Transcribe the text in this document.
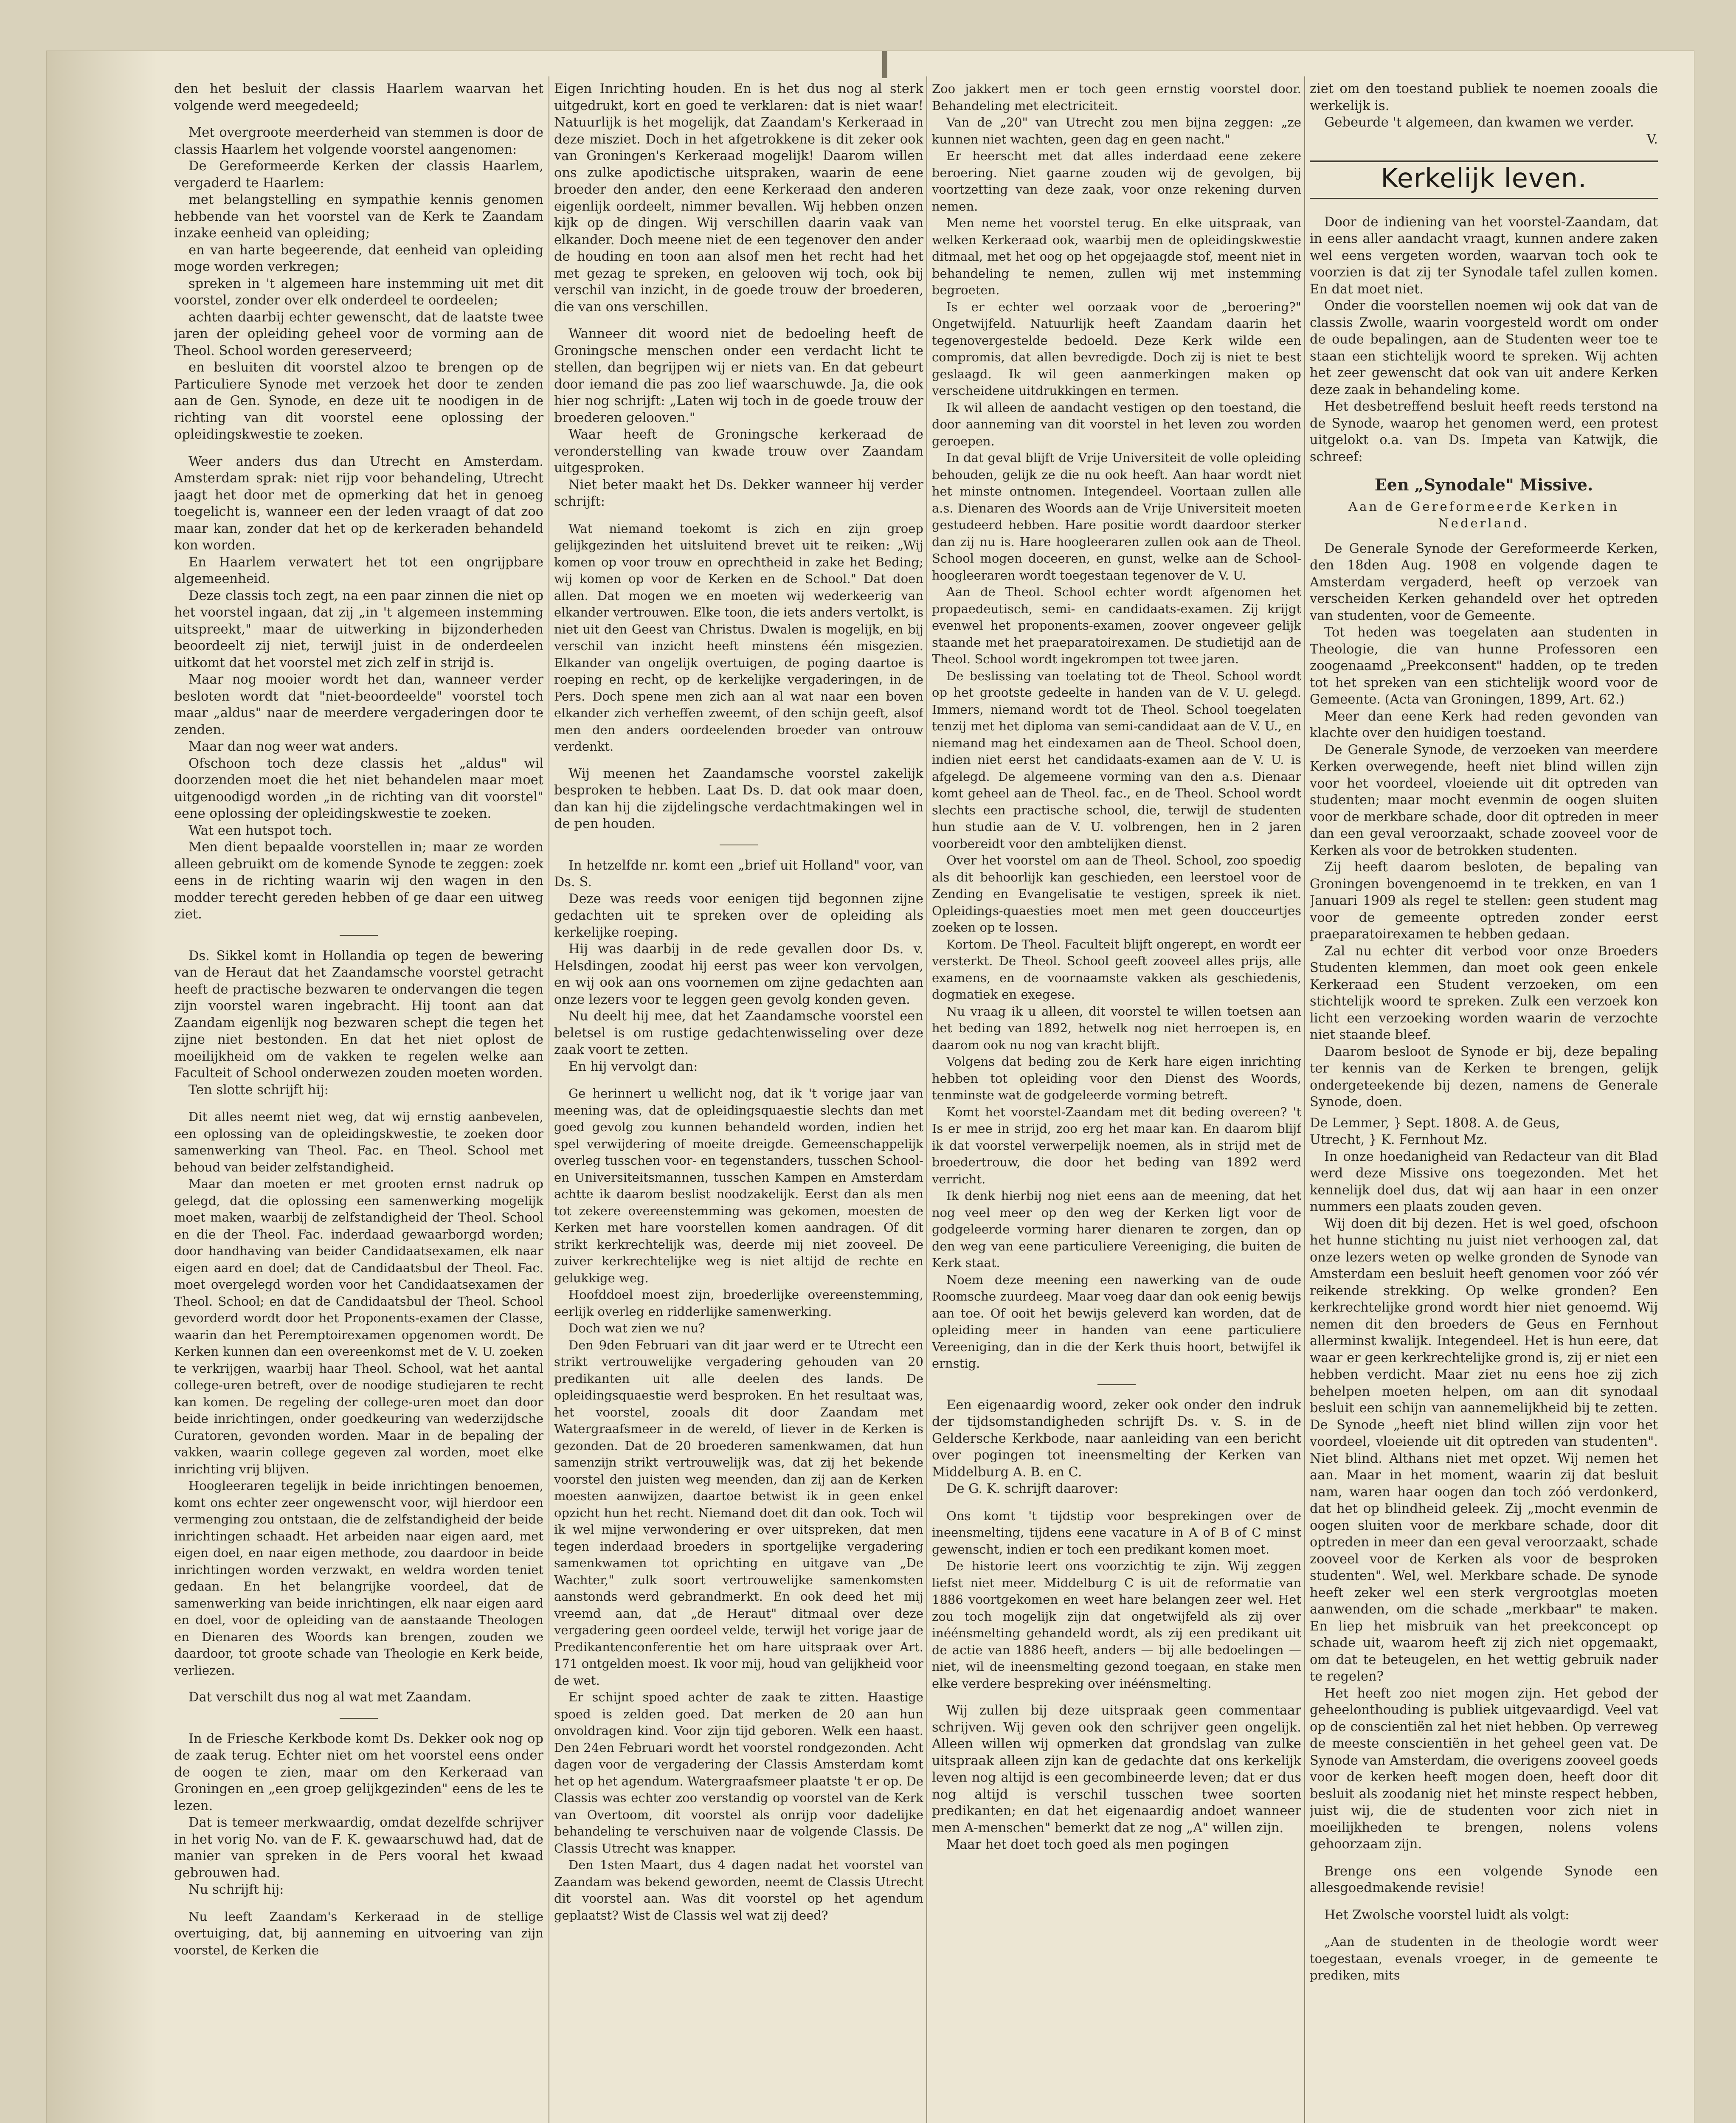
den het besluit der classis Haarlem waarvan het volgende werd meegedeeld;

Met overgroote meerderheid van stemmen is door de classis Haarlem het volgende voorstel aangenomen:

De Gereformeerde Kerken der classis Haarlem, vergaderd te Haarlem:

met belangstelling en sympathie kennis genomen hebbende van het voorstel van de Kerk te Zaandam inzake eenheid van opleiding;

en van harte begeerende, dat eenheid van opleiding moge worden verkregen;

spreken in 't algemeen hare instemming uit met dit voorstel, zonder over elk onderdeel te oordeelen;

achten daarbij echter gewenscht, dat de laatste twee jaren der opleiding geheel voor de vorming aan de Theol. School worden gereserveerd;

en besluiten dit voorstel alzoo te brengen op de Particuliere Synode met verzoek het door te zenden aan de Gen. Synode, en deze uit te noodigen in de richting van dit voorstel eene oplossing der opleidingskwestie te zoeken.

Weer anders dus dan Utrecht en Amsterdam. Amsterdam sprak: niet rijp voor behandeling, Utrecht jaagt het door met de opmerking dat het in genoeg toegelicht is, wanneer een der leden vraagt of dat zoo maar kan, zonder dat het op de kerkeraden behandeld kon worden.

En Haarlem verwatert het tot een ongrijpbare algemeenheid.

Deze classis toch zegt, na een paar zinnen die niet op het voorstel ingaan, dat zij „in 't algemeen instemming uitspreekt," maar de uitwerking in bijzonderheden beoordeelt zij niet, terwijl juist in de onderdeelen uitkomt dat het voorstel met zich zelf in strijd is.

Maar nog mooier wordt het dan, wanneer verder besloten wordt dat "niet-beoordeelde" voorstel toch maar „aldus" naar de meerdere vergaderingen door te zenden.

Maar dan nog weer wat anders.

Ofschoon toch deze classis het „aldus" wil doorzenden moet die het niet behandelen maar moet uitgenoodigd worden „in de richting van dit voorstel" eene oplossing der opleidingskwestie te zoeken.

Wat een hutspot toch.

Men dient bepaalde voorstellen in; maar ze worden alleen gebruikt om de komende Synode te zeggen: zoek eens in de richting waarin wij den wagen in den modder terecht gereden hebben of ge daar een uitweg ziet.

Ds. Sikkel komt in Hollandia op tegen de bewering van de Heraut dat het Zaandamsche voorstel getracht heeft de practische bezwaren te ondervangen die tegen zijn voorstel waren ingebracht. Hij toont aan dat Zaandam eigenlijk nog bezwaren schept die tegen het zijne niet bestonden. En dat het niet oplost de moeilijkheid om de vakken te regelen welke aan Faculteit of School onderwezen zouden moeten worden.

Ten slotte schrijft hij:

Dit alles neemt niet weg, dat wij ernstig aanbevelen, een oplossing van de opleidingskwestie, te zoeken door samenwerking van Theol. Fac. en Theol. School met behoud van beider zelfstandigheid.

Maar dan moeten er met grooten ernst nadruk op gelegd, dat die oplossing een samenwerking mogelijk moet maken, waarbij de zelfstandigheid der Theol. School en die der Theol. Fac. inderdaad gewaarborgd worden; door handhaving van beider Candidaatsexamen, elk naar eigen aard en doel; dat de Candidaatsbul der Theol. Fac. moet overgelegd worden voor het Candidaatsexamen der Theol. School; en dat de Candidaatsbul der Theol. School gevorderd wordt door het Proponents-examen der Classe, waarin dan het Peremptoirexamen opgenomen wordt. De Kerken kunnen dan een overeenkomst met de V. U. zoeken te verkrijgen, waarbij haar Theol. School, wat het aantal college-uren betreft, over de noodige studiejaren te recht kan komen. De regeling der college-uren moet dan door beide inrichtingen, onder goedkeuring van wederzijdsche Curatoren, gevonden worden. Maar in de bepaling der vakken, waarin college gegeven zal worden, moet elke inrichting vrij blijven.

Hoogleeraren tegelijk in beide inrichtingen benoemen, komt ons echter zeer ongewenscht voor, wijl hierdoor een vermenging zou ontstaan, die de zelfstandigheid der beide inrichtingen schaadt. Het arbeiden naar eigen aard, met eigen doel, en naar eigen methode, zou daardoor in beide inrichtingen worden verzwakt, en weldra worden teniet gedaan. En het belangrijke voordeel, dat de samenwerking van beide inrichtingen, elk naar eigen aard en doel, voor de opleiding van de aanstaande Theologen en Dienaren des Woords kan brengen, zouden we daardoor, tot groote schade van Theologie en Kerk beide, verliezen.

Dat verschilt dus nog al wat met Zaandam.

In de Friesche Kerkbode komt Ds. Dekker ook nog op de zaak terug. Echter niet om het voorstel eens onder de oogen te zien, maar om den Kerkeraad van Groningen en „een groep gelijkgezinden" eens de les te lezen.

Dat is temeer merkwaardig, omdat dezelfde schrijver in het vorig No. van de F. K. gewaarschuwd had, dat de manier van spreken in de Pers vooral het kwaad gebrouwen had.

Nu schrijft hij:

Nu leeft Zaandam's Kerkeraad in de stellige overtuiging, dat, bij aanneming en uitvoering van zijn voorstel, de Kerken die

Eigen Inrichting houden. En is het dus nog al sterk uitgedrukt, kort en goed te verklaren: dat is niet waar! Natuurlijk is het mogelijk, dat Zaandam's Kerkeraad in deze misziet. Doch in het afgetrokkene is dit zeker ook van Groningen's Kerkeraad mogelijk! Daarom willen ons zulke apodictische uitspraken, waarin de eene broeder den ander, den eene Kerkeraad den anderen eigenlijk oordeelt, nimmer bevallen. Wij hebben onzen kijk op de dingen. Wij verschillen daarin vaak van elkander. Doch meene niet de een tegenover den ander de houding en toon aan alsof men het recht had het met gezag te spreken, en gelooven wij toch, ook bij verschil van inzicht, in de goede trouw der broederen, die van ons verschillen.

Wanneer dit woord niet de bedoeling heeft de Groningsche menschen onder een verdacht licht te stellen, dan begrijpen wij er niets van. En dat gebeurt door iemand die pas zoo lief waarschuwde. Ja, die ook hier nog schrijft: „Laten wij toch in de goede trouw der broederen gelooven."

Waar heeft de Groningsche kerkeraad de veronderstelling van kwade trouw over Zaandam uitgesproken.

Niet beter maakt het Ds. Dekker wanneer hij verder schrijft:

Wat niemand toekomt is zich en zijn groep gelijkgezinden het uitsluitend brevet uit te reiken: „Wij komen op voor trouw en oprechtheid in zake het Beding; wij komen op voor de Kerken en de School." Dat doen allen. Dat mogen we en moeten wij wederkeerig van elkander vertrouwen. Elke toon, die iets anders vertolkt, is niet uit den Geest van Christus. Dwalen is mogelijk, en bij verschil van inzicht heeft minstens één misgezien. Elkander van ongelijk overtuigen, de poging daartoe is roeping en recht, op de kerkelijke vergaderingen, in de Pers. Doch spene men zich aan al wat naar een boven elkander zich verheffen zweemt, of den schijn geeft, alsof men den anders oordeelenden broeder van ontrouw verdenkt.

Wij meenen het Zaandamsche voorstel zakelijk besproken te hebben. Laat Ds. D. dat ook maar doen, dan kan hij die zijdelingsche verdachtmakingen wel in de pen houden.

In hetzelfde nr. komt een „brief uit Holland" voor, van Ds. S.

Deze was reeds voor eenigen tijd begonnen zijne gedachten uit te spreken over de opleiding als kerkelijke roeping.

Hij was daarbij in de rede gevallen door Ds. v. Helsdingen, zoodat hij eerst pas weer kon vervolgen, en wij ook aan ons voornemen om zijne gedachten aan onze lezers voor te leggen geen gevolg konden geven.

Nu deelt hij mee, dat het Zaandamsche voorstel een beletsel is om rustige gedachtenwisseling over deze zaak voort te zetten.

En hij vervolgt dan:

Ge herinnert u wellicht nog, dat ik 't vorige jaar van meening was, dat de opleidingsquaestie slechts dan met goed gevolg zou kunnen behandeld worden, indien het spel verwijdering of moeite dreigde. Gemeenschappelijk overleg tusschen voor- en tegenstanders, tusschen School- en Universiteitsmannen, tusschen Kampen en Amsterdam achtte ik daarom beslist noodzakelijk. Eerst dan als men tot zekere overeenstemming was gekomen, moesten de Kerken met hare voorstellen komen aandragen. Of dit strikt kerkrechtelijk was, deerde mij niet zooveel. De zuiver kerkrechtelijke weg is niet altijd de rechte en gelukkige weg.

Hoofddoel moest zijn, broederlijke overeenstemming, eerlijk overleg en ridderlijke samenwerking.

Doch wat zien we nu?

Den 9den Februari van dit jaar werd er te Utrecht een strikt vertrouwelijke vergadering gehouden van 20 predikanten uit alle deelen des lands. De opleidingsquaestie werd besproken. En het resultaat was, het voorstel, zooals dit door Zaandam met Watergraafsmeer in de wereld, of liever in de Kerken is gezonden. Dat de 20 broederen samenkwamen, dat hun samenzijn strikt vertrouwelijk was, dat zij het bekende voorstel den juisten weg meenden, dan zij aan de Kerken moesten aanwijzen, daartoe betwist ik in geen enkel opzicht hun het recht. Niemand doet dit dan ook. Toch wil ik wel mijne verwondering er over uitspreken, dat men tegen inderdaad broeders in sportgelijke vergadering samenkwamen tot oprichting en uitgave van „De Wachter," zulk soort vertrouwelijke samenkomsten aanstonds werd gebrandmerkt. En ook deed het mij vreemd aan, dat „de Heraut" ditmaal over deze vergadering geen oordeel velde, terwijl het vorige jaar de Predikantenconferentie het om hare uitspraak over Art. 171 ontgelden moest. Ik voor mij, houd van gelijkheid voor de wet.

Er schijnt spoed achter de zaak te zitten. Haastige spoed is zelden goed. Dat merken de 20 aan hun onvoldragen kind. Voor zijn tijd geboren. Welk een haast. Den 24en Februari wordt het voorstel rondgezonden. Acht dagen voor de vergadering der Classis Amsterdam komt het op het agendum. Watergraafsmeer plaatste 't er op. De Classis was echter zoo verstandig op voorstel van de Kerk van Overtoom, dit voorstel als onrijp voor dadelijke behandeling te verschuiven naar de volgende Classis. De Classis Utrecht was knapper.

Den 1sten Maart, dus 4 dagen nadat het voorstel van Zaandam was bekend geworden, neemt de Classis Utrecht dit voorstel aan. Was dit voorstel op het agendum geplaatst? Wist de Classis wel wat zij deed?

Zoo jakkert men er toch geen ernstig voorstel door. Behandeling met electriciteit.

Van de „20" van Utrecht zou men bijna zeggen: „ze kunnen niet wachten, geen dag en geen nacht."

Er heerscht met dat alles inderdaad eene zekere beroering. Niet gaarne zouden wij de gevolgen, bij voortzetting van deze zaak, voor onze rekening durven nemen.

Men neme het voorstel terug. En elke uitspraak, van welken Kerkeraad ook, waarbij men de opleidingskwestie ditmaal, met het oog op het opgejaagde stof, meent niet in behandeling te nemen, zullen wij met instemming begroeten.

Is er echter wel oorzaak voor de „beroering?" Ongetwijfeld. Natuurlijk heeft Zaandam daarin het tegenovergestelde bedoeld. Deze Kerk wilde een compromis, dat allen bevredigde. Doch zij is niet te best geslaagd. Ik wil geen aanmerkingen maken op verscheidene uitdrukkingen en termen.

Ik wil alleen de aandacht vestigen op den toestand, die door aanneming van dit voorstel in het leven zou worden geroepen.

In dat geval blijft de Vrije Universiteit de volle opleiding behouden, gelijk ze die nu ook heeft. Aan haar wordt niet het minste ontnomen. Integendeel. Voortaan zullen alle a.s. Dienaren des Woords aan de Vrije Universiteit moeten gestudeerd hebben. Hare positie wordt daardoor sterker dan zij nu is. Hare hoogleeraren zullen ook aan de Theol. School mogen doceeren, en gunst, welke aan de School-hoogleeraren wordt toegestaan tegenover de V. U.

Aan de Theol. School echter wordt afgenomen het propaedeutisch, semi- en candidaats-examen. Zij krijgt evenwel het proponents-examen, zoover ongeveer gelijk staande met het praeparatoirexamen. De studietijd aan de Theol. School wordt ingekrompen tot twee jaren.

De beslissing van toelating tot de Theol. School wordt op het grootste gedeelte in handen van de V. U. gelegd. Immers, niemand wordt tot de Theol. School toegelaten tenzij met het diploma van semi-candidaat aan de V. U., en niemand mag het eindexamen aan de Theol. School doen, indien niet eerst het candidaats-examen aan de V. U. is afgelegd. De algemeene vorming van den a.s. Dienaar komt geheel aan de Theol. fac., en de Theol. School wordt slechts een practische school, die, terwijl de studenten hun studie aan de V. U. volbrengen, hen in 2 jaren voorbereidt voor den ambtelijken dienst.

Over het voorstel om aan de Theol. School, zoo spoedig als dit behoorlijk kan geschieden, een leerstoel voor de Zending en Evangelisatie te vestigen, spreek ik niet. Opleidings-quaesties moet men met geen doucceurtjes zoeken op te lossen.

Kortom. De Theol. Faculteit blijft ongerept, en wordt eer versterkt. De Theol. School geeft zooveel alles prijs, alle examens, en de voornaamste vakken als geschiedenis, dogmatiek en exegese.

Nu vraag ik u alleen, dit voorstel te willen toetsen aan het beding van 1892, hetwelk nog niet herroepen is, en daarom ook nu nog van kracht blijft.

Volgens dat beding zou de Kerk hare eigen inrichting hebben tot opleiding voor den Dienst des Woords, tenminste wat de godgeleerde vorming betreft.

Komt het voorstel-Zaandam met dit beding overeen? 't Is er mee in strijd, zoo erg het maar kan. En daarom blijf ik dat voorstel verwerpelijk noemen, als in strijd met de broedertrouw, die door het beding van 1892 werd verricht.

Ik denk hierbij nog niet eens aan de meening, dat het nog veel meer op den weg der Kerken ligt voor de godgeleerde vorming harer dienaren te zorgen, dan op den weg van eene particuliere Vereeniging, die buiten de Kerk staat.

Noem deze meening een nawerking van de oude Roomsche zuurdeeg. Maar voeg daar dan ook eenig bewijs aan toe. Of ooit het bewijs geleverd kan worden, dat de opleiding meer in handen van eene particuliere Vereeniging, dan in die der Kerk thuis hoort, betwijfel ik ernstig.

Een eigenaardig woord, zeker ook onder den indruk der tijdsomstandigheden schrijft Ds. v. S. in de Geldersche Kerkbode, naar aanleiding van een bericht over pogingen tot ineensmelting der Kerken van Middelburg A. B. en C.

De G. K. schrijft daarover:

Ons komt 't tijdstip voor besprekingen over de ineensmelting, tijdens eene vacature in A of B of C minst gewenscht, indien er toch een predikant komen moet.

De historie leert ons voorzichtig te zijn. Wij zeggen liefst niet meer. Middelburg C is uit de reformatie van 1886 voortgekomen en weet hare belangen zeer wel. Het zou toch mogelijk zijn dat ongetwijfeld als zij over inéénsmelting gehandeld wordt, als zij een predikant uit de actie van 1886 heeft, anders — bij alle bedoelingen — niet, wil de ineensmelting gezond toegaan, en stake men elke verdere bespreking over inéénsmelting.

Wij zullen bij deze uitspraak geen commentaar schrijven. Wij geven ook den schrijver geen ongelijk. Alleen willen wij opmerken dat grondslag van zulke uitspraak alleen zijn kan de gedachte dat ons kerkelijk leven nog altijd is een gecombineerde leven; dat er dus nog altijd is verschil tusschen twee soorten predikanten; en dat het eigenaardig andoet wanneer men A-menschen" bemerkt dat ze nog „A" willen zijn.

Maar het doet toch goed als men pogingen

ziet om den toestand publiek te noemen zooals die werkelijk is.

Gebeurde 't algemeen, dan kwamen we verder.

V.

Kerkelijk leven.

Door de indiening van het voorstel-Zaandam, dat in eens aller aandacht vraagt, kunnen andere zaken wel eens vergeten worden, waarvan toch ook te voorzien is dat zij ter Synodale tafel zullen komen. En dat moet niet.

Onder die voorstellen noemen wij ook dat van de classis Zwolle, waarin voorgesteld wordt om onder de oude bepalingen, aan de Studenten weer toe te staan een stichtelijk woord te spreken. Wij achten het zeer gewenscht dat ook van uit andere Kerken deze zaak in behandeling kome.

Het desbetreffend besluit heeft reeds terstond na de Synode, waarop het genomen werd, een protest uitgelokt o.a. van Ds. Impeta van Katwijk, die schreef:

Een „Synodale" Missive.
Aan de Gereformeerde Kerken in Nederland.

De Generale Synode der Gereformeerde Kerken, den 18den Aug. 1908 en volgende dagen te Amsterdam vergaderd, heeft op verzoek van verscheiden Kerken gehandeld over het optreden van studenten, voor de Gemeente.

Tot heden was toegelaten aan studenten in Theologie, die van hunne Professoren een zoogenaamd „Preekconsent" hadden, op te treden tot het spreken van een stichtelijk woord voor de Gemeente. (Acta van Groningen, 1899, Art. 62.)

Meer dan eene Kerk had reden gevonden van klachte over den huidigen toestand.

De Generale Synode, de verzoeken van meerdere Kerken overwegende, heeft niet blind willen zijn voor het voordeel, vloeiende uit dit optreden van studenten; maar mocht evenmin de oogen sluiten voor de merkbare schade, door dit optreden in meer dan een geval veroorzaakt, schade zooveel voor de Kerken als voor de betrokken studenten.

Zij heeft daarom besloten, de bepaling van Groningen bovengenoemd in te trekken, en van 1 Januari 1909 als regel te stellen: geen student mag voor de gemeente optreden zonder eerst praeparatoirexamen te hebben gedaan.

Zal nu echter dit verbod voor onze Broeders Studenten klemmen, dan moet ook geen enkele Kerkeraad een Student verzoeken, om een stichtelijk woord te spreken. Zulk een verzoek kon licht een verzoeking worden waarin de verzochte niet staande bleef.

Daarom besloot de Synode er bij, deze bepaling ter kennis van de Kerken te brengen, gelijk ondergeteekende bij dezen, namens de Generale Synode, doen.

De Lemmer, } Sept. 1808. A. de Geus,

Utrecht, } K. Fernhout Mz.

In onze hoedanigheid van Redacteur van dit Blad werd deze Missive ons toegezonden. Met het kennelijk doel dus, dat wij aan haar in een onzer nummers een plaats zouden geven.

Wij doen dit bij dezen. Het is wel goed, ofschoon het hunne stichting nu juist niet verhoogen zal, dat onze lezers weten op welke gronden de Synode van Amsterdam een besluit heeft genomen voor zóó vér reikende strekking. Op welke gronden? Een kerkrechtelijke grond wordt hier niet genoemd. Wij nemen dit den broeders de Geus en Fernhout allerminst kwalijk. Integendeel. Het is hun eere, dat waar er geen kerkrechtelijke grond is, zij er niet een hebben verdicht. Maar ziet nu eens hoe zij zich behelpen moeten helpen, om aan dit synodaal besluit een schijn van aannemelijkheid bij te zetten. De Synode „heeft niet blind willen zijn voor het voordeel, vloeiende uit dit optreden van studenten". Niet blind. Althans niet met opzet. Wij nemen het aan. Maar in het moment, waarin zij dat besluit nam, waren haar oogen dan toch zóó verdonkerd, dat het op blindheid geleek. Zij „mocht evenmin de oogen sluiten voor de merkbare schade, door dit optreden in meer dan een geval veroorzaakt, schade zooveel voor de Kerken als voor de besproken studenten". Wel, wel. Merkbare schade. De synode heeft zeker wel een sterk vergrootglas moeten aanwenden, om die schade „merkbaar" te maken. En liep het misbruik van het preekconcept op schade uit, waarom heeft zij zich niet opgemaakt, om dat te beteugelen, en het wettig gebruik nader te regelen?

Het heeft zoo niet mogen zijn. Het gebod der geheelonthouding is publiek uitgevaardigd. Veel vat op de conscientiën zal het niet hebben. Op verreweg de meeste conscientiën in het geheel geen vat. De Synode van Amsterdam, die overigens zooveel goeds voor de kerken heeft mogen doen, heeft door dit besluit als zoodanig niet het minste respect hebben, juist wij, die de studenten voor zich niet in moeilijkheden te brengen, nolens volens gehoorzaam zijn.

Brenge ons een volgende Synode een allesgoedmakende revisie!

Het Zwolsche voorstel luidt als volgt:

„Aan de studenten in de theologie wordt weer toegestaan, evenals vroeger, in de gemeente te prediken, mits
